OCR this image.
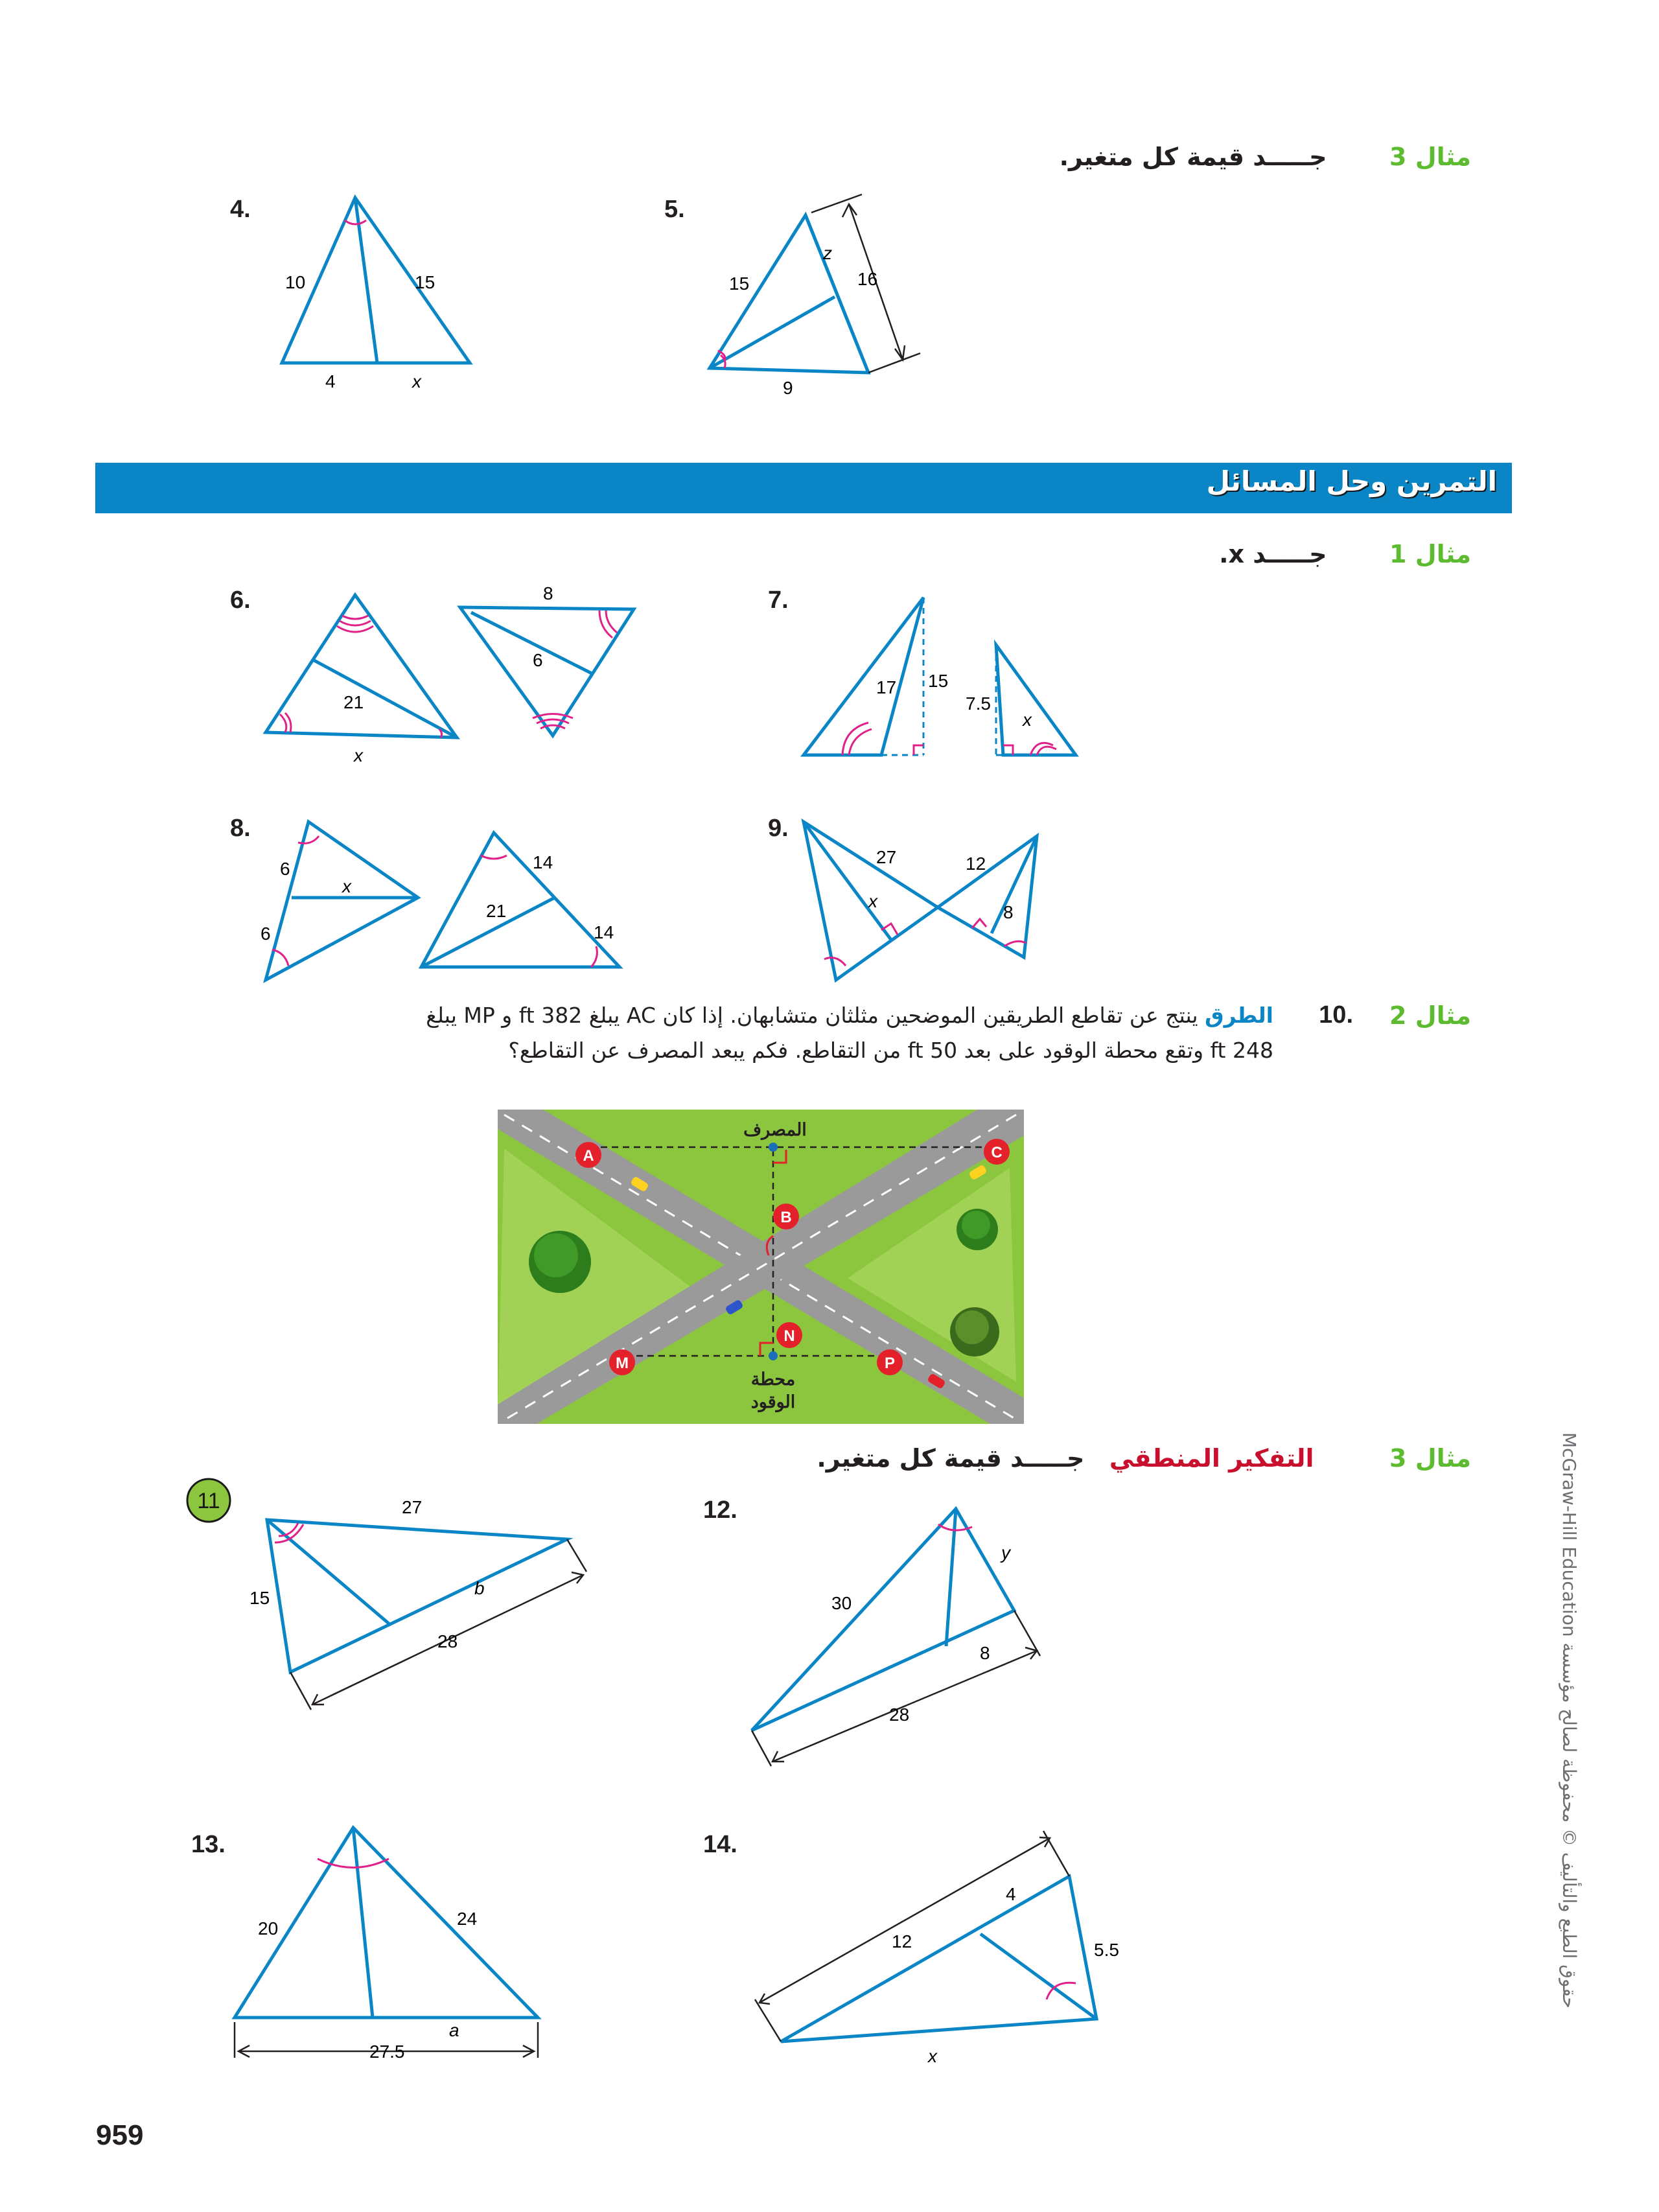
مثال 3  جـــــد قيمة كل متغير.
4.
10	15
4	x
5.
15
z
16
9
التمرين وحل المسائل
مثال 1  جـــــد x.
6.
21
x
8
6
7.
17 15
7.5
x
8.
6
x
6
14
21
14
9.
27
x
12
8
مثال 2
10.
الطرق ينتج عن تقاطع الطريقين الموضحين مثلثان متشابهان. إذا كان AC يبلغ 382 ft و MP يبلغ
248 ft وتقع محطة الوقود على بعد 50 ft من التقاطع. فكم يبعد المصرف عن التقاطع؟
A
B
C
M
N
P
المصرف
محطة
الوقود
مثال 3  التفكير المنطقي  جـــــد قيمة كل متغير.
11	27
15	b
28
12.
30
y
8
28
13.
20	24
a
27.5
14.
12
4
5.5
x
959
حقوق الطبع والتأليف © محفوظة لصالح مؤسسة McGraw-Hill Education
